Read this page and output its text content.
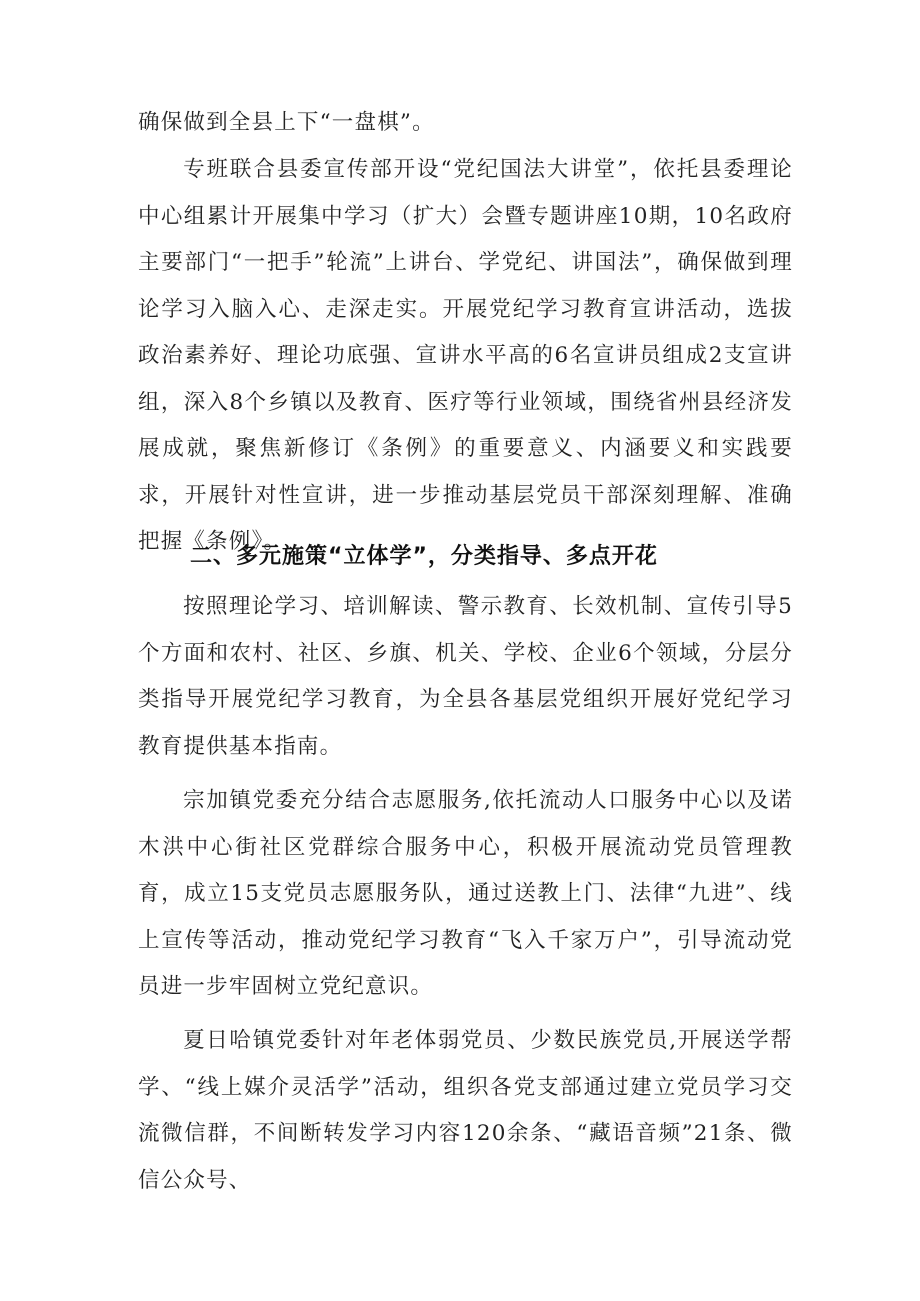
确保做到全县上下“一盘棋”。

专班联合县委宣传部开设“党纪国法大讲堂”，依托县委理论中心组累计开展集中学习（扩大）会暨专题讲座10期，10名政府主要部门“一把手”轮流”上讲台、学党纪、讲国法”，确保做到理论学习入脑入心、走深走实。开展党纪学习教育宣讲活动，选拔政治素养好、理论功底强、宣讲水平高的6名宣讲员组成2支宣讲组，深入8个乡镇以及教育、医疗等行业领域，围绕省州县经济发展成就，聚焦新修订《条例》的重要意义、内涵要义和实践要求，开展针对性宣讲，进一步推动基层党员干部深刻理解、准确把握《条例》。

二、多元施策“立体学”，分类指导、多点开花

按照理论学习、培训解读、警示教育、长效机制、宣传引导5个方面和农村、社区、乡旗、机关、学校、企业6个领域，分层分类指导开展党纪学习教育，为全县各基层党组织开展好党纪学习教育提供基本指南。

宗加镇党委充分结合志愿服务,依托流动人口服务中心以及诺木洪中心街社区党群综合服务中心，积极开展流动党员管理教育，成立15支党员志愿服务队，通过送教上门、法律“九进”、线上宣传等活动，推动党纪学习教育“飞入千家万户”，引导流动党员进一步牢固树立党纪意识。

夏日哈镇党委针对年老体弱党员、少数民族党员,开展送学帮学、“线上媒介灵活学”活动，组织各党支部通过建立党员学习交流微信群，不间断转发学习内容120余条、“藏语音频”21条、微信公众号、
